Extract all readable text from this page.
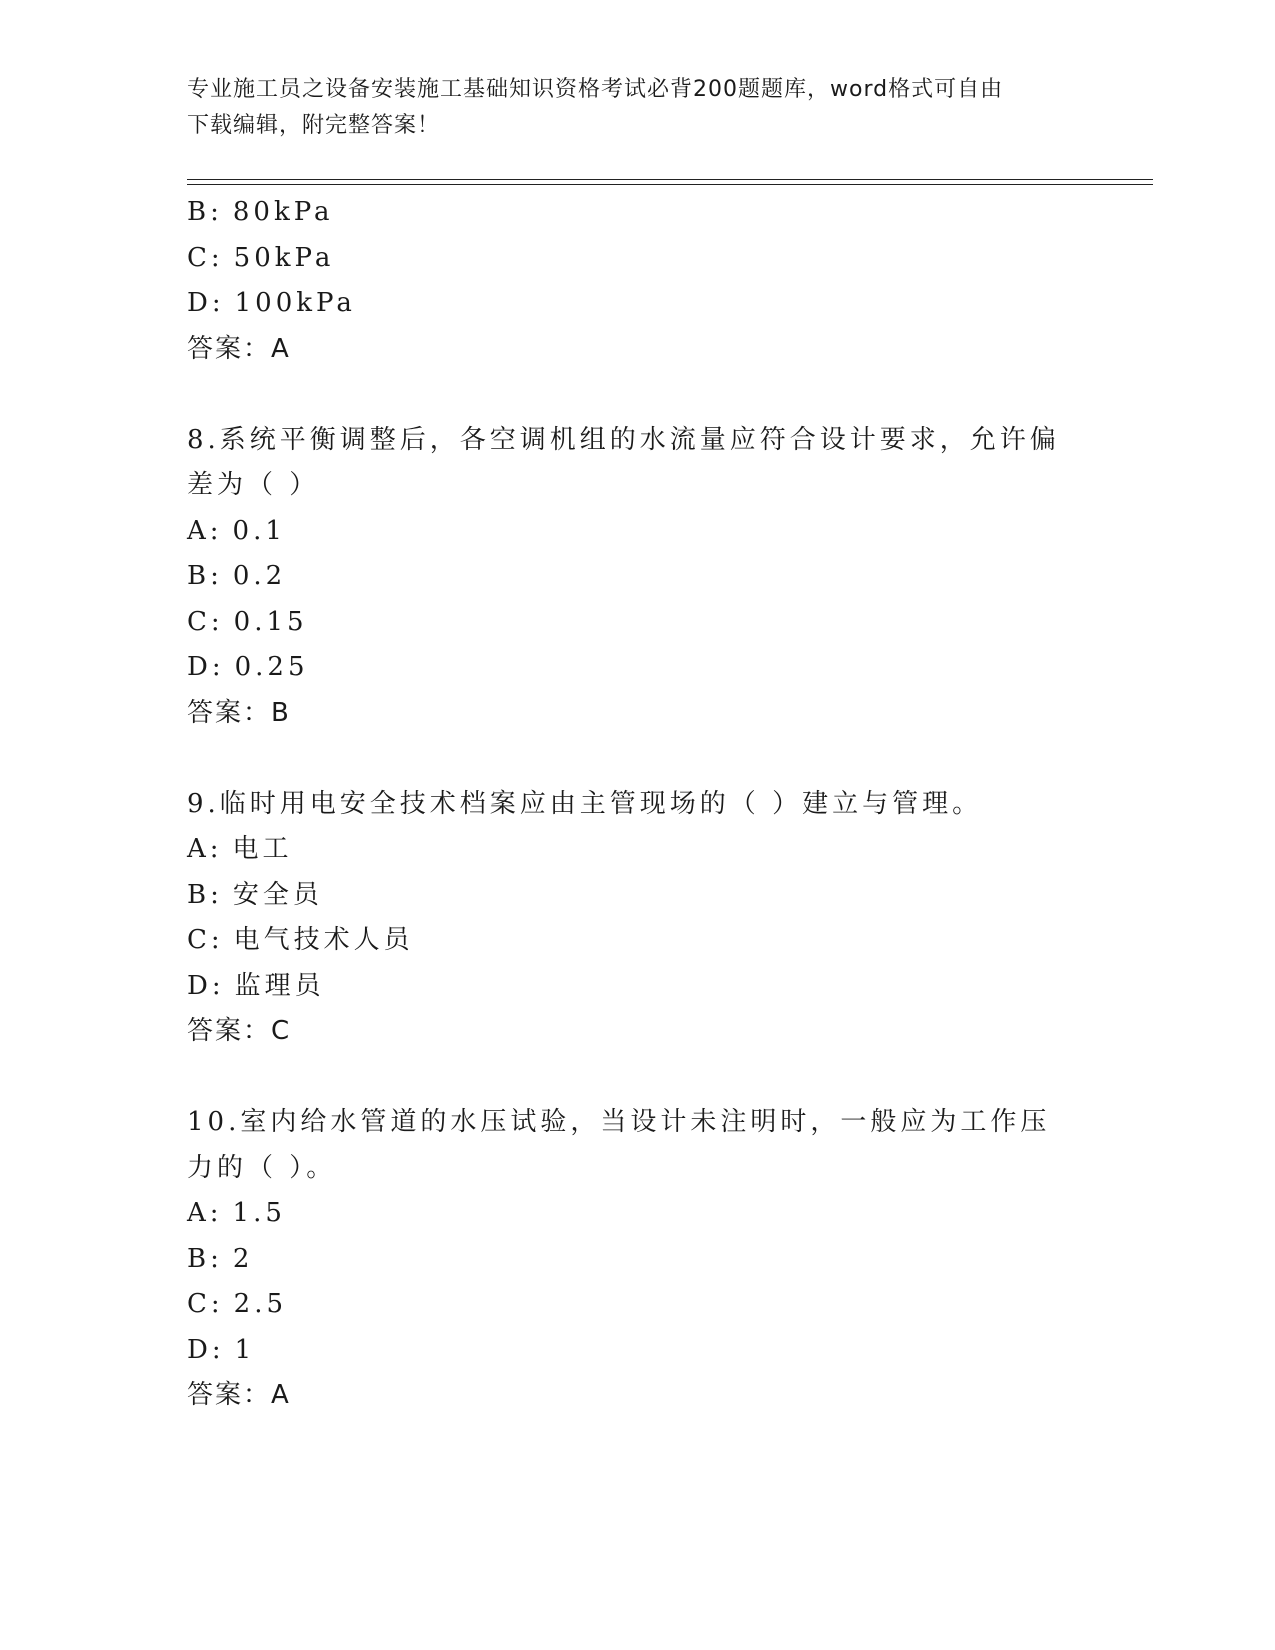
专业施工员之设备安装施工基础知识资格考试必背200题题库，word格式可自由
下载编辑，附完整答案！
B: 80kPa
C: 50kPa
D: 100kPa
答案：A
8.系统平衡调整后，各空调机组的水流量应符合设计要求，允许偏差为（ ）
A: 0.1
B: 0.2
C: 0.15
D: 0.25
答案：B
9.临时用电安全技术档案应由主管现场的（ ）建立与管理。
A: 电工
B: 安全员
C: 电气技术人员
D: 监理员
答案：C
10.室内给水管道的水压试验，当设计未注明时，一般应为工作压力的（ ）。
A: 1.5
B: 2
C: 2.5
D: 1
答案：A
